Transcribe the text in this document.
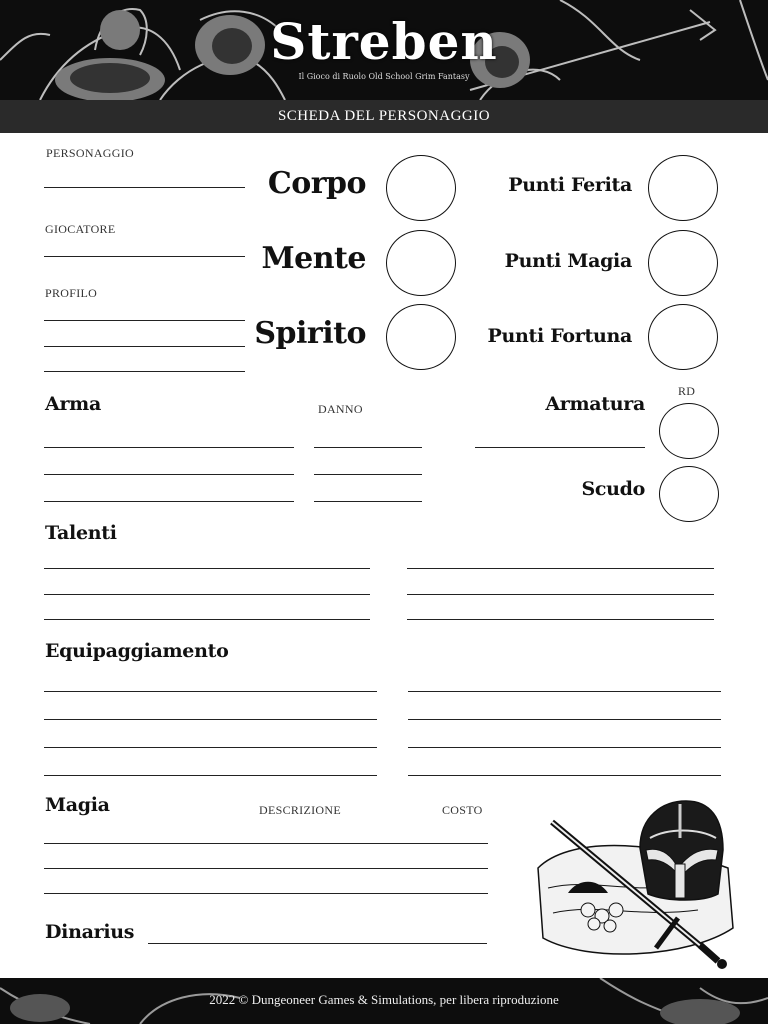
Streben
Il Gioco di Ruolo Old School Grim Fantasy
SCHEDA DEL PERSONAGGIO
PERSONAGGIO
GIOCATORE
PROFILO
Corpo
Mente
Spirito
Punti Ferita
Punti Magia
Punti Fortuna
Arma	DANNO	Armatura
RD
Scudo
Talenti
Equipaggiamento
Magia	DESCRIZIONE	COSTO
Dinarius
2022 © Dungeoneer Games & Simulations, per libera riproduzione
